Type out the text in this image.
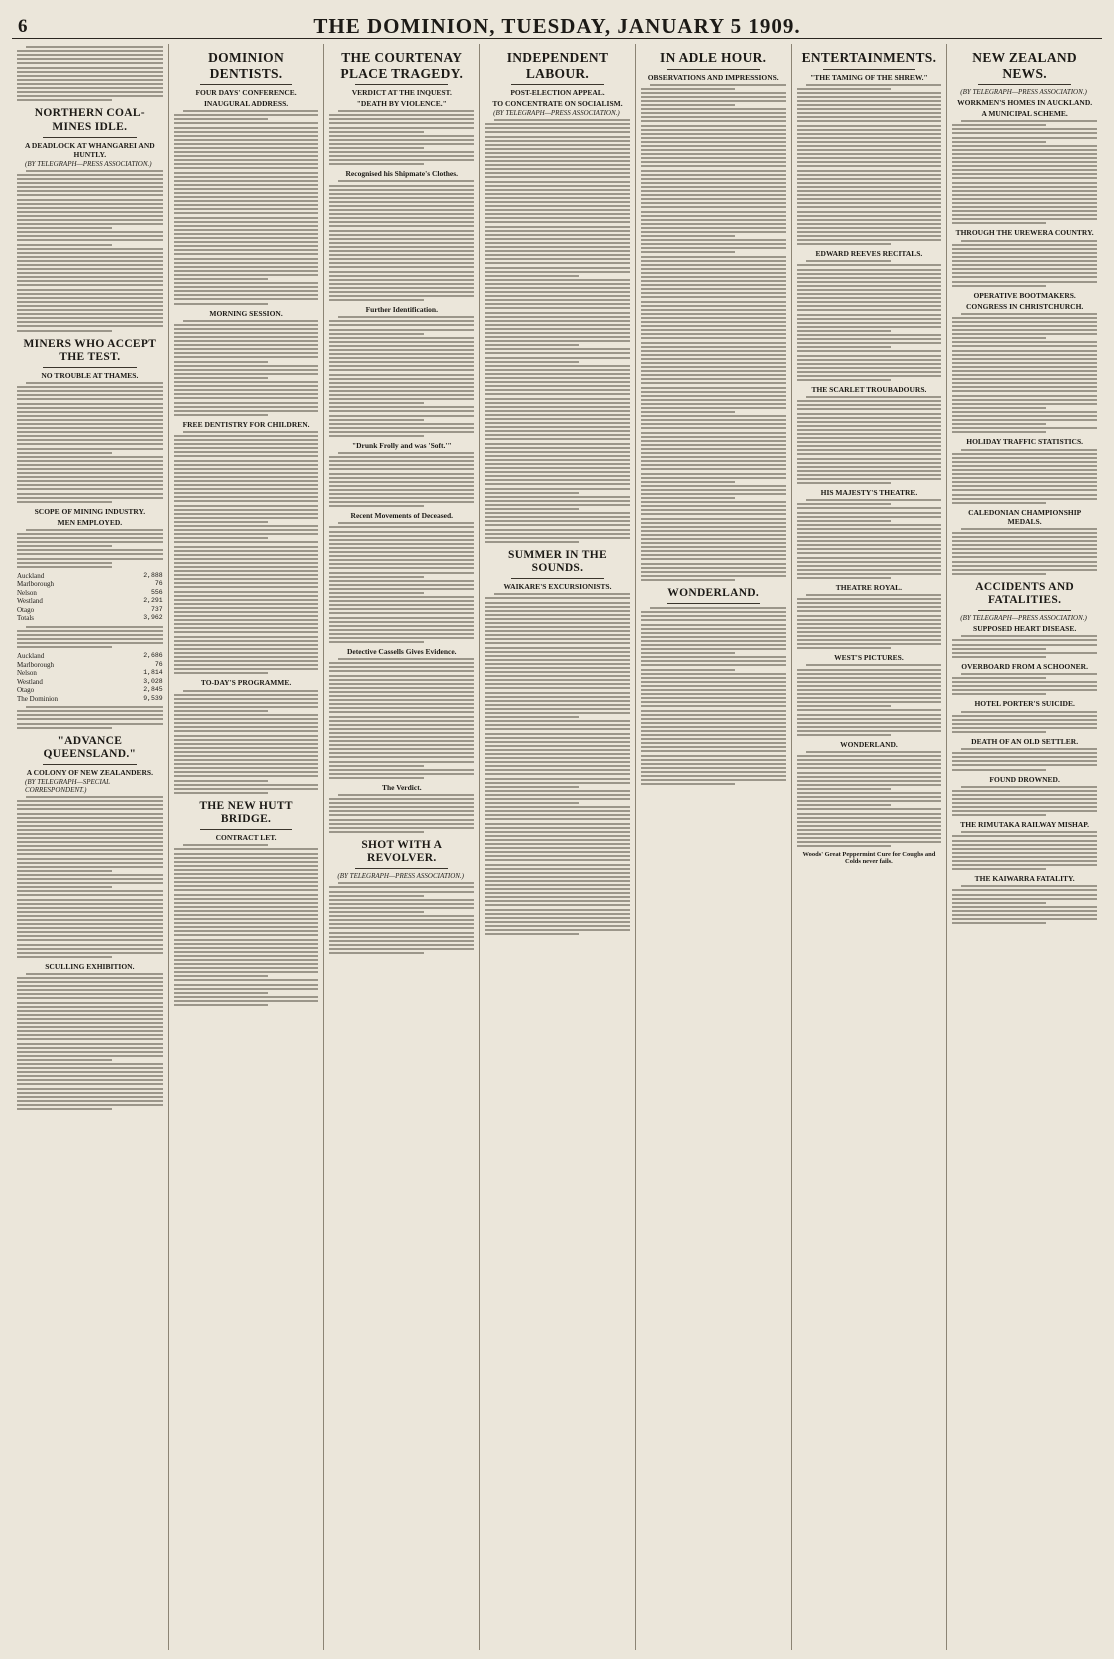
6	THE DOMINION, TUESDAY, JANUARY 5 1909.
NORTHERN COAL-MINES IDLE.
A DEADLOCK AT WHANGAREI AND HUNTLY.
(BY TELEGRAPH—PRESS ASSOCIATION.)
MINERS WHO ACCEPT THE TEST.
NO TROUBLE AT THAMES.
SCOPE OF MINING INDUSTRY.
MEN EMPLOYED.
Auckland	2,888
Marlborough	76
Nelson	556
Westland	2,291
Otago	737
Totals	3,962
Auckland	2,686
Marlborough	76
Nelson	1,814
Westland	3,028
Otago	2,845
The Dominion	9,539
"ADVANCE QUEENSLAND."
A COLONY OF NEW ZEALANDERS.
(BY TELEGRAPH—SPECIAL CORRESPONDENT.)
SCULLING EXHIBITION.
DOMINION DENTISTS.
FOUR DAYS' CONFERENCE.
INAUGURAL ADDRESS.
MORNING SESSION.
FREE DENTISTRY FOR CHILDREN.
TO-DAY'S PROGRAMME.
THE NEW HUTT BRIDGE.
CONTRACT LET.
THE COURTENAY PLACE TRAGEDY.
VERDICT AT THE INQUEST.
"DEATH BY VIOLENCE."
Recognised his Shipmate's Clothes.
Further Identification.
"Drunk Frolly and was 'Soft.'"
Recent Movements of Deceased.
Detective Cassells Gives Evidence.
The Verdict.
SHOT WITH A REVOLVER.
(BY TELEGRAPH—PRESS ASSOCIATION.)
INDEPENDENT LABOUR.
POST-ELECTION APPEAL.
TO CONCENTRATE ON SOCIALISM.
(BY TELEGRAPH—PRESS ASSOCIATION.)
SUMMER IN THE SOUNDS.
WAIKARE'S EXCURSIONISTS.
IN ADLE HOUR.
OBSERVATIONS AND IMPRESSIONS.
WONDERLAND.
ENTERTAINMENTS.
"THE TAMING OF THE SHREW."
EDWARD REEVES RECITALS.
THE SCARLET TROUBADOURS.
HIS MAJESTY'S THEATRE.
THEATRE ROYAL.
WEST'S PICTURES.
WONDERLAND.
Woods' Great Peppermint Cure for Coughs and Colds never fails.
NEW ZEALAND NEWS.
(BY TELEGRAPH—PRESS ASSOCIATION.)
WORKMEN'S HOMES IN AUCKLAND.
A MUNICIPAL SCHEME.
THROUGH THE UREWERA COUNTRY.
OPERATIVE BOOTMAKERS.
CONGRESS IN CHRISTCHURCH.
HOLIDAY TRAFFIC STATISTICS.
CALEDONIAN CHAMPIONSHIP MEDALS.
ACCIDENTS AND FATALITIES.
(BY TELEGRAPH—PRESS ASSOCIATION.)
SUPPOSED HEART DISEASE.
OVERBOARD FROM A SCHOONER.
HOTEL PORTER'S SUICIDE.
DEATH OF AN OLD SETTLER.
FOUND DROWNED.
THE RIMUTAKA RAILWAY MISHAP.
THE KAIWARRA FATALITY.
